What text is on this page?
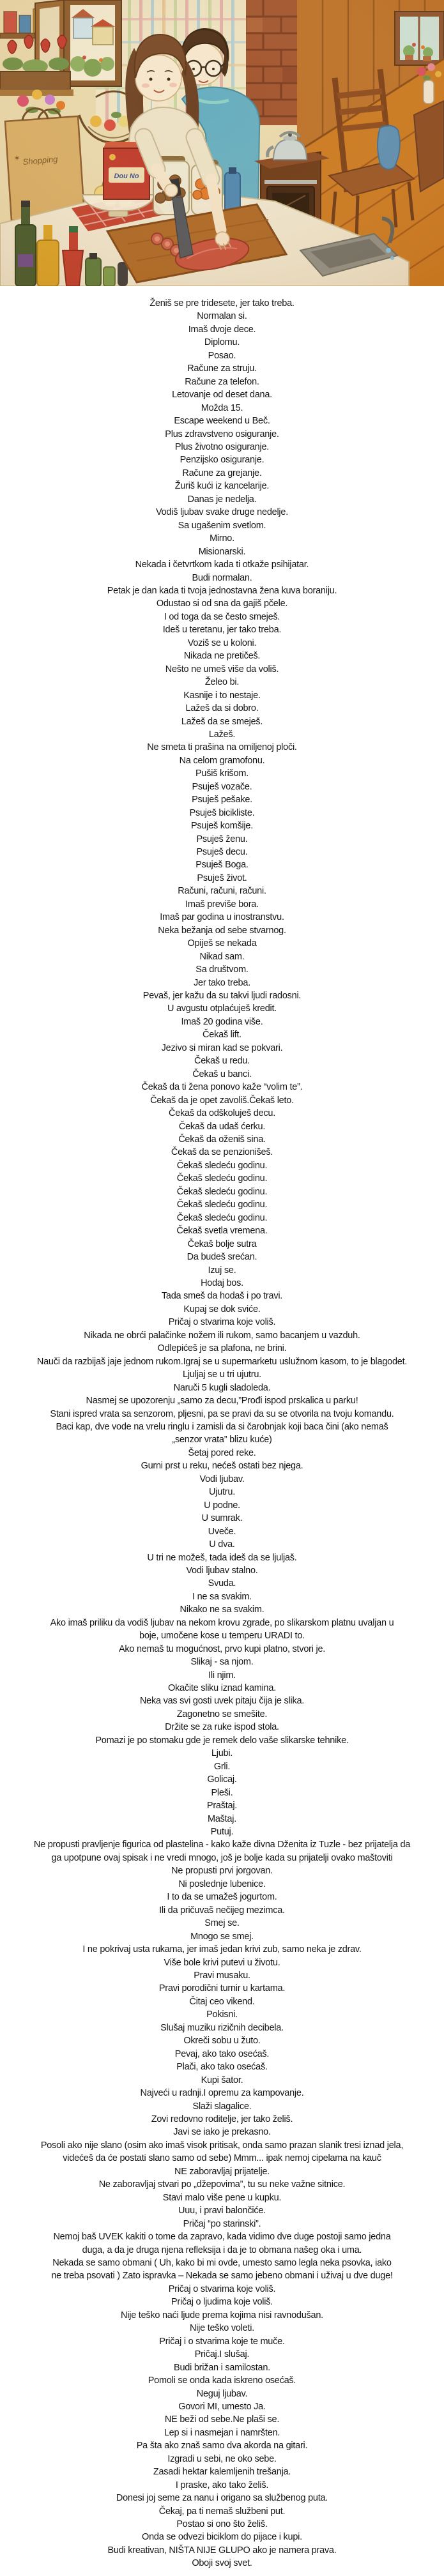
✶ Shopping
Dou No
Ženiš se pre tridesete, jer tako treba.
Normalan si.
Imaš dvoje dece.
Diplomu.
Posao.
Račune za struju.
Račune za telefon.
Letovanje od deset dana.
Možda 15.
Escape weekend u Beč.
Plus zdravstveno osiguranje.
Plus životno osiguranje.
Penzijsko osiguranje.
Račune za grejanje.
Žuriš kući iz kancelarije.
Danas je nedelja.
Vodiš ljubav svake druge nedelje.
Sa ugašenim svetlom.
Mirno.
Misionarski.
Nekada i četvrtkom kada ti otkaže psihijatar.
Budi normalan.
Petak je dan kada ti tvoja jednostavna žena kuva boraniju.
Odustao si od sna da gajiš pčele.
I od toga da se često smeješ.
Ideš u teretanu, jer tako treba.
Voziš se u koloni.
Nikada ne pretičeš.
Nešto ne umeš više da voliš.
Želeo bi.
Kasnije i to nestaje.
Lažeš da si dobro.
Lažeš da se smeješ.
Lažeš.
Ne smeta ti prašina na omiljenoj ploči.
Na celom gramofonu.
Pušiš krišom.
Psuješ vozače.
Psuješ pešake.
Psuješ bicikliste.
Psuješ komšije.
Psuješ ženu.
Psuješ decu.
Psuješ Boga.
Psuješ život.
Računi, računi, računi.
Imaš previše bora.
Imaš par godina u inostranstvu.
Neka bežanja od sebe stvarnog.
Opiješ se nekada
Nikad sam.
Sa društvom.
Jer tako treba.
Pevaš, jer kažu da su takvi ljudi radosni.
U avgustu otplaćuješ kredit.
Imaš 20 godina više.
Čekaš lift.
Jezivo si miran kad se pokvari.
Čekaš u redu.
Čekaš u banci.
Čekaš da ti žena ponovo kaže “volim te”.
Čekaš da je opet zavoliš.Čekaš leto.
Čekaš da odškoluješ decu.
Čekaš da udaš ćerku.
Čekaš da oženiš sina.
Čekaš da se penzionišeš.
Čekaš sledeću godinu.
Čekaš sledeću godinu.
Čekaš sledeću godinu.
Čekaš sledeću godinu.
Čekaš sledeću godinu.
Čekaš svetla vremena.
Čekaš bolje sutra
Da budeš srećan.
Izuj se.
Hodaj bos.
Tada smeš da hodaš i po travi.
Kupaj se dok sviće.
Pričaj o stvarima koje voliš.
Nikada ne obrći palačinke nožem ili rukom, samo bacanjem u vazduh.
Odlepićeš je sa plafona, ne brini.
Nauči da razbijaš jaje jednom rukom.Igraj se u supermarketu uslužnom kasom, to je blagodet.
Ljuljaj se u tri ujutru.
Naruči 5 kugli sladoleda.
Nasmej se upozorenju „samo za decu,”Prođi ispod prskalica u parku!
Stani ispred vrata sa senzorom, pljesni, pa se pravi da su se otvorila na tvoju komandu.
Baci kap, dve vode na vrelu ringlu i zamisli da si čarobnjak koji baca čini (ako nemaš
„senzor vrata” blizu kuće)
Šetaj pored reke.
Gurni prst u reku, nećeš ostati bez njega.
Vodi ljubav.
Ujutru.
U podne.
U sumrak.
Uveče.
U dva.
U tri ne možeš, tada ideš da se ljuljaš.
Vodi ljubav stalno.
Svuda.
I ne sa svakim.
Nikako ne sa svakim.
Ako imaš priliku da vodiš ljubav na nekom krovu zgrade, po slikarskom platnu uvaljan u
boje, umočene kose u temperu URADI to.
Ako nemaš tu mogućnost, prvo kupi platno, stvori je.
Slikaj - sa njom.
Ili njim.
Okačite sliku iznad kamina.
Neka vas svi gosti uvek pitaju čija je slika.
Zagonetno se smešite.
Držite se za ruke ispod stola.
Pomazi je po stomaku gde je remek delo vaše slikarske tehnike.
Ljubi.
Grli.
Golicaj.
Pleši.
Praštaj.
Maštaj.
Putuj.
Ne propusti pravljenje figurica od plastelina - kako kaže divna Dženita iz Tuzle - bez prijatelja da
ga upotpune ovaj spisak i ne vredi mnogo, još je bolje kada su prijatelji ovako maštoviti
Ne propusti prvi jorgovan.
Ni poslednje lubenice.
I to da se umažeš jogurtom.
Ili da pričuvaš nečijeg mezimca.
Smej se.
Mnogo se smej.
I ne pokrivaj usta rukama, jer imaš jedan krivi zub, samo neka je zdrav.
Više bole krivi putevi u životu.
Pravi musaku.
Pravi porodični turnir u kartama.
Čitaj ceo vikend.
Pokisni.
Slušaj muziku rizičnih decibela.
Okreči sobu u žuto.
Pevaj, ako tako osećaš.
Plači, ako tako osećaš.
Kupi šator.
Najveći u radnji.I opremu za kampovanje.
Slaži slagalice.
Zovi redovno roditelje, jer tako želiš.
Javi se iako je prekasno.
Posoli ako nije slano (osim ako imaš visok pritisak, onda samo prazan slanik tresi iznad jela,
videćeš da će postati slano samo od sebe) Mmm... ipak nemoj cipelama na kauč
NE zaboravljaj prijatelje.
Ne zaboravljaj stvari po „džepovima”, tu su neke važne sitnice.
Stavi malo više pene u kupku.
Uuu, i pravi balončiće.
Pričaj “po starinski”.
Nemoj baš UVEK kakiti o tome da zapravo, kada vidimo dve duge postoji samo jedna
duga, a da je druga njena refleksija i da je to obmana našeg oka i uma.
Nekada se samo obmani ( Uh, kako bi mi ovde, umesto samo legla neka psovka, iako
ne treba psovati ) Zato ispravka – Nekada se samo jebeno obmani i uživaj u dve duge!
Pričaj o stvarima koje voliš.
Pričaj o ljudima koje voliš.
Nije teško naći ljude prema kojima nisi ravnodušan.
Nije teško voleti.
Pričaj i o stvarima koje te muče.
Pričaj.I slušaj.
Budi brižan i samilostan.
Pomoli se onda kada iskreno osećaš.
Neguj ljubav.
Govori MI, umesto Ja.
NE beži od sebe.Ne plaši se.
Lep si i nasmejan i namršten.
Pa šta ako znaš samo dva akorda na gitari.
Izgradi u sebi, ne oko sebe.
Zasadi hektar kalemljenih trešanja.
I praske, ako tako želiš.
Donesi joj seme za nanu i origano sa službenog puta.
Čekaj, pa ti nemaš službeni put.
Postao si ono što želiš.
Onda se odvezi biciklom do pijace i kupi.
Budi kreativan, NIŠTA NIJE GLUPO ako je namera prava.
Oboji svoj svet.
